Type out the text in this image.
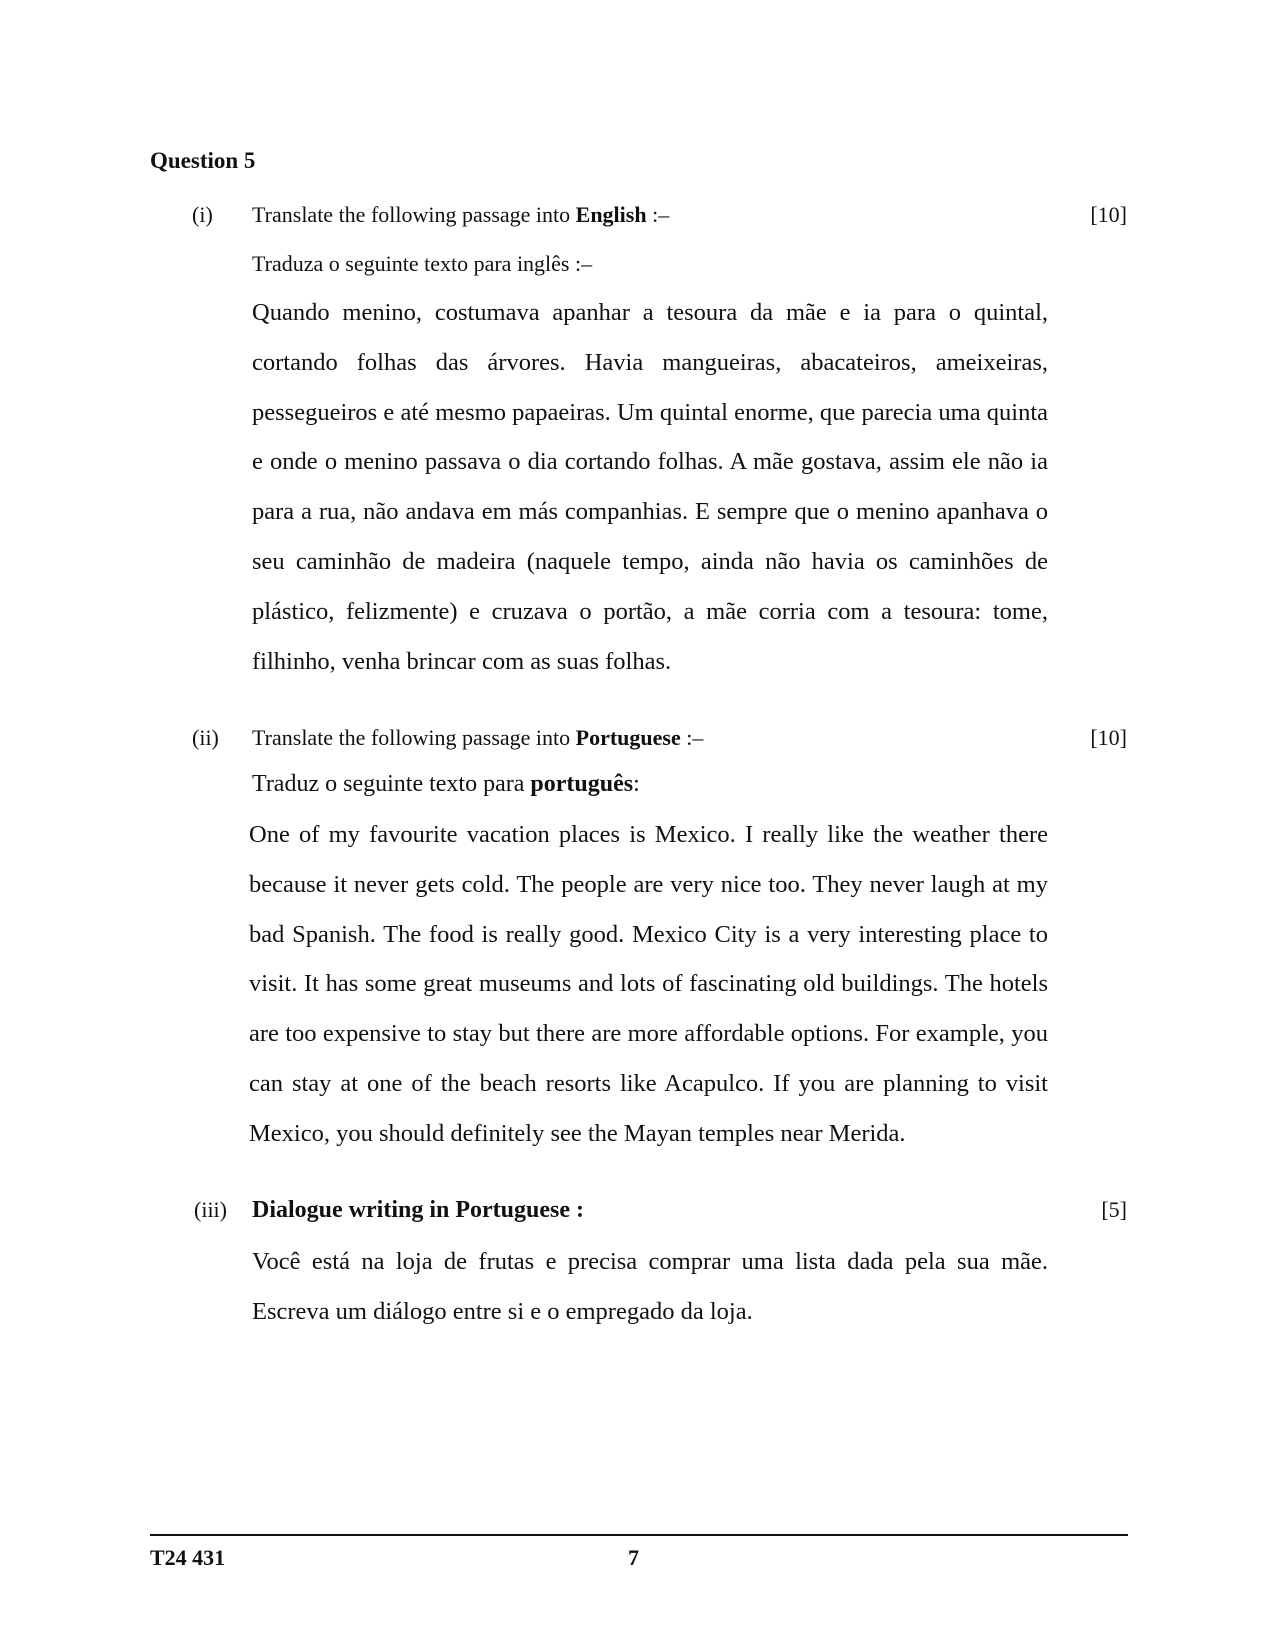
Question 5
(i) Translate the following passage into English :–	[10]
Traduza o seguinte texto para inglês :–

Quando menino, costumava apanhar a tesoura da mãe e ia para o quintal, cortando folhas das árvores. Havia mangueiras, abacateiros, ameixeiras, pessegueiros e até mesmo papaeiras. Um quintal enorme, que parecia uma quinta e onde o menino passava o dia cortando folhas. A mãe gostava, assim ele não ia para a rua, não andava em más companhias. E sempre que o menino apanhava o seu caminhão de madeira (naquele tempo, ainda não havia os caminhões de plástico, felizmente) e cruzava o portão, a mãe corria com a tesoura: tome, filhinho, venha brincar com as suas folhas.

(ii) Translate the following passage into Portuguese :–	[10]
Traduz o seguinte texto para português:

One of my favourite vacation places is Mexico. I really like the weather there because it never gets cold. The people are very nice too. They never laugh at my bad Spanish. The food is really good. Mexico City is a very interesting place to visit. It has some great museums and lots of fascinating old buildings. The hotels are too expensive to stay but there are more affordable options. For example, you can stay at one of the beach resorts like Acapulco. If you are planning to visit Mexico, you should definitely see the Mayan temples near Merida.

(iii) Dialogue writing in Portuguese :	[5]

Você está na loja de frutas e precisa comprar uma lista dada pela sua mãe. Escreva um diálogo entre si e o empregado da loja.

T24 431	7
